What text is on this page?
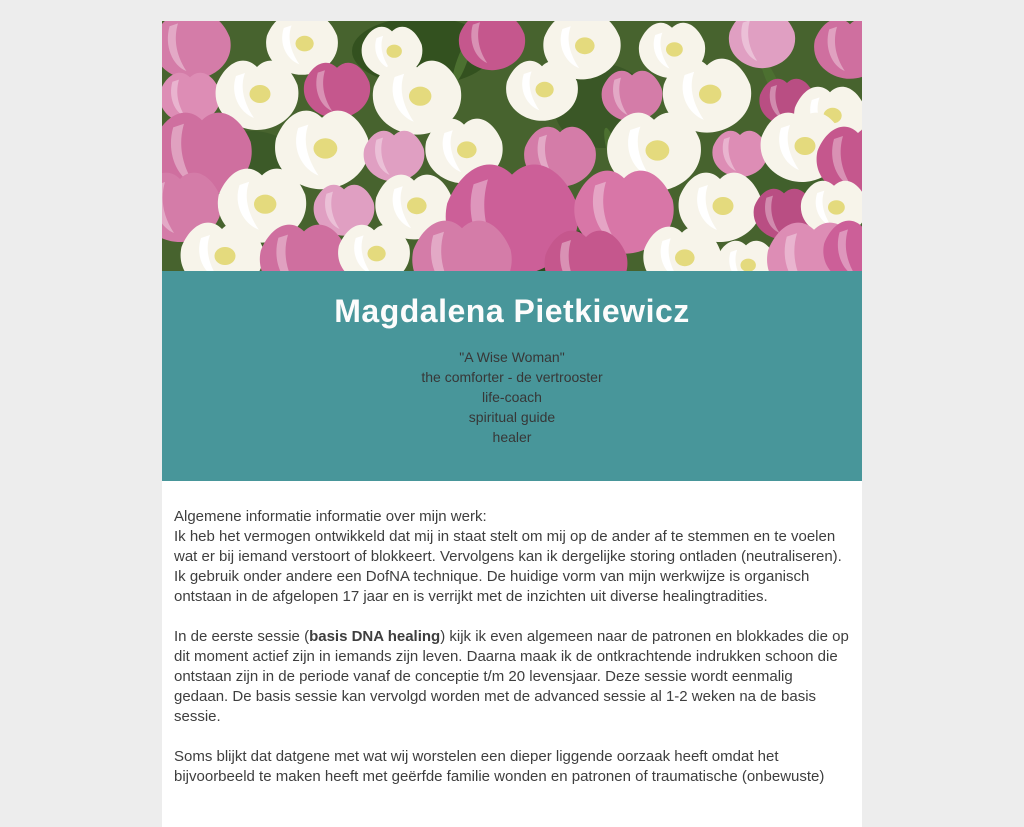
Magdalena Pietkiewicz
"A Wise Woman"
the comforter - de vertrooster
life-coach
spiritual guide
healer

Algemene informatie informatie over mijn werk:
Ik heb het vermogen ontwikkeld dat mij in staat stelt om mij op de ander af te stemmen en te voelen wat er bij iemand verstoort of blokkeert. Vervolgens kan ik dergelijke storing ontladen (neutraliseren). Ik gebruik onder andere een DofNA technique. De huidige vorm van mijn werkwijze is organisch ontstaan in de afgelopen 17 jaar en is verrijkt met de inzichten uit diverse healingtradities.

In de eerste sessie (basis DNA healing) kijk ik even algemeen naar de patronen en blokkades die op dit moment actief zijn in iemands zijn leven. Daarna maak ik de ontkrachtende indrukken schoon die ontstaan zijn in de periode vanaf de conceptie t/m 20 levensjaar. Deze sessie wordt eenmalig gedaan. De basis sessie kan vervolgd worden met de advanced sessie al 1-2 weken na de basis sessie.

Soms blijkt dat datgene met wat wij worstelen een dieper liggende oorzaak heeft omdat het bijvoorbeeld te maken heeft met geërfde familie wonden en patronen of traumatische (onbewuste)
